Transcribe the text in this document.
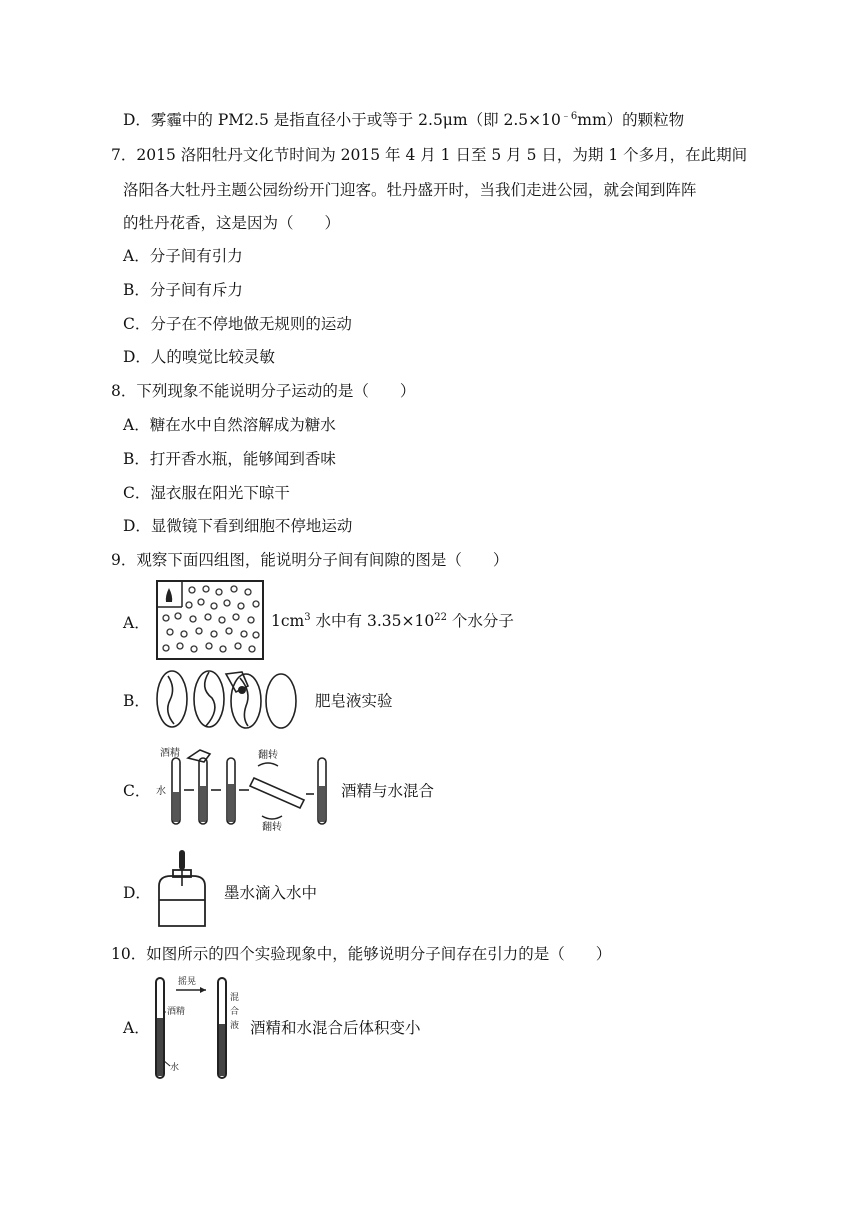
D．雾霾中的 PM2.5 是指直径小于或等于 2.5μm（即 $2.5\times 10^{﹣6}mm$）的颗粒物
7．2015 洛阳牡丹文化节时间为 2015 年 4 月 1 日至 5 月 5 日，为期 1 个多月，在此期间
洛阳各大牡丹主题公园纷纷开门迎客。牡丹盛开时，当我们走进公园，就会闻到阵阵
的牡丹花香，这是因为（　　）
A．分子间有引力
B．分子间有斥力
C．分子在不停地做无规则的运动
D．人的嗅觉比较灵敏
8．下列现象不能说明分子运动的是（　　）
A．糖在水中自然溶解成为糖水
B．打开香水瓶，能够闻到香味
C．湿衣服在阳光下晾干
D．显微镜下看到细胞不停地运动
9．观察下面四组图，能说明分子间有间隙的图是（　　）
A．	$1cm^3$ 水中有 $3.35\times 10^{22}$ 个水分子
B．	肥皂液实验
C．
酒精
水
翻转
翻转
酒精与水混合
D．	墨水滴入水中
10．如图所示的四个实验现象中，能够说明分子间存在引力的是（　　）
A．
摇晃
酒精
水
混
合
液 酒精和水混合后体积变小
